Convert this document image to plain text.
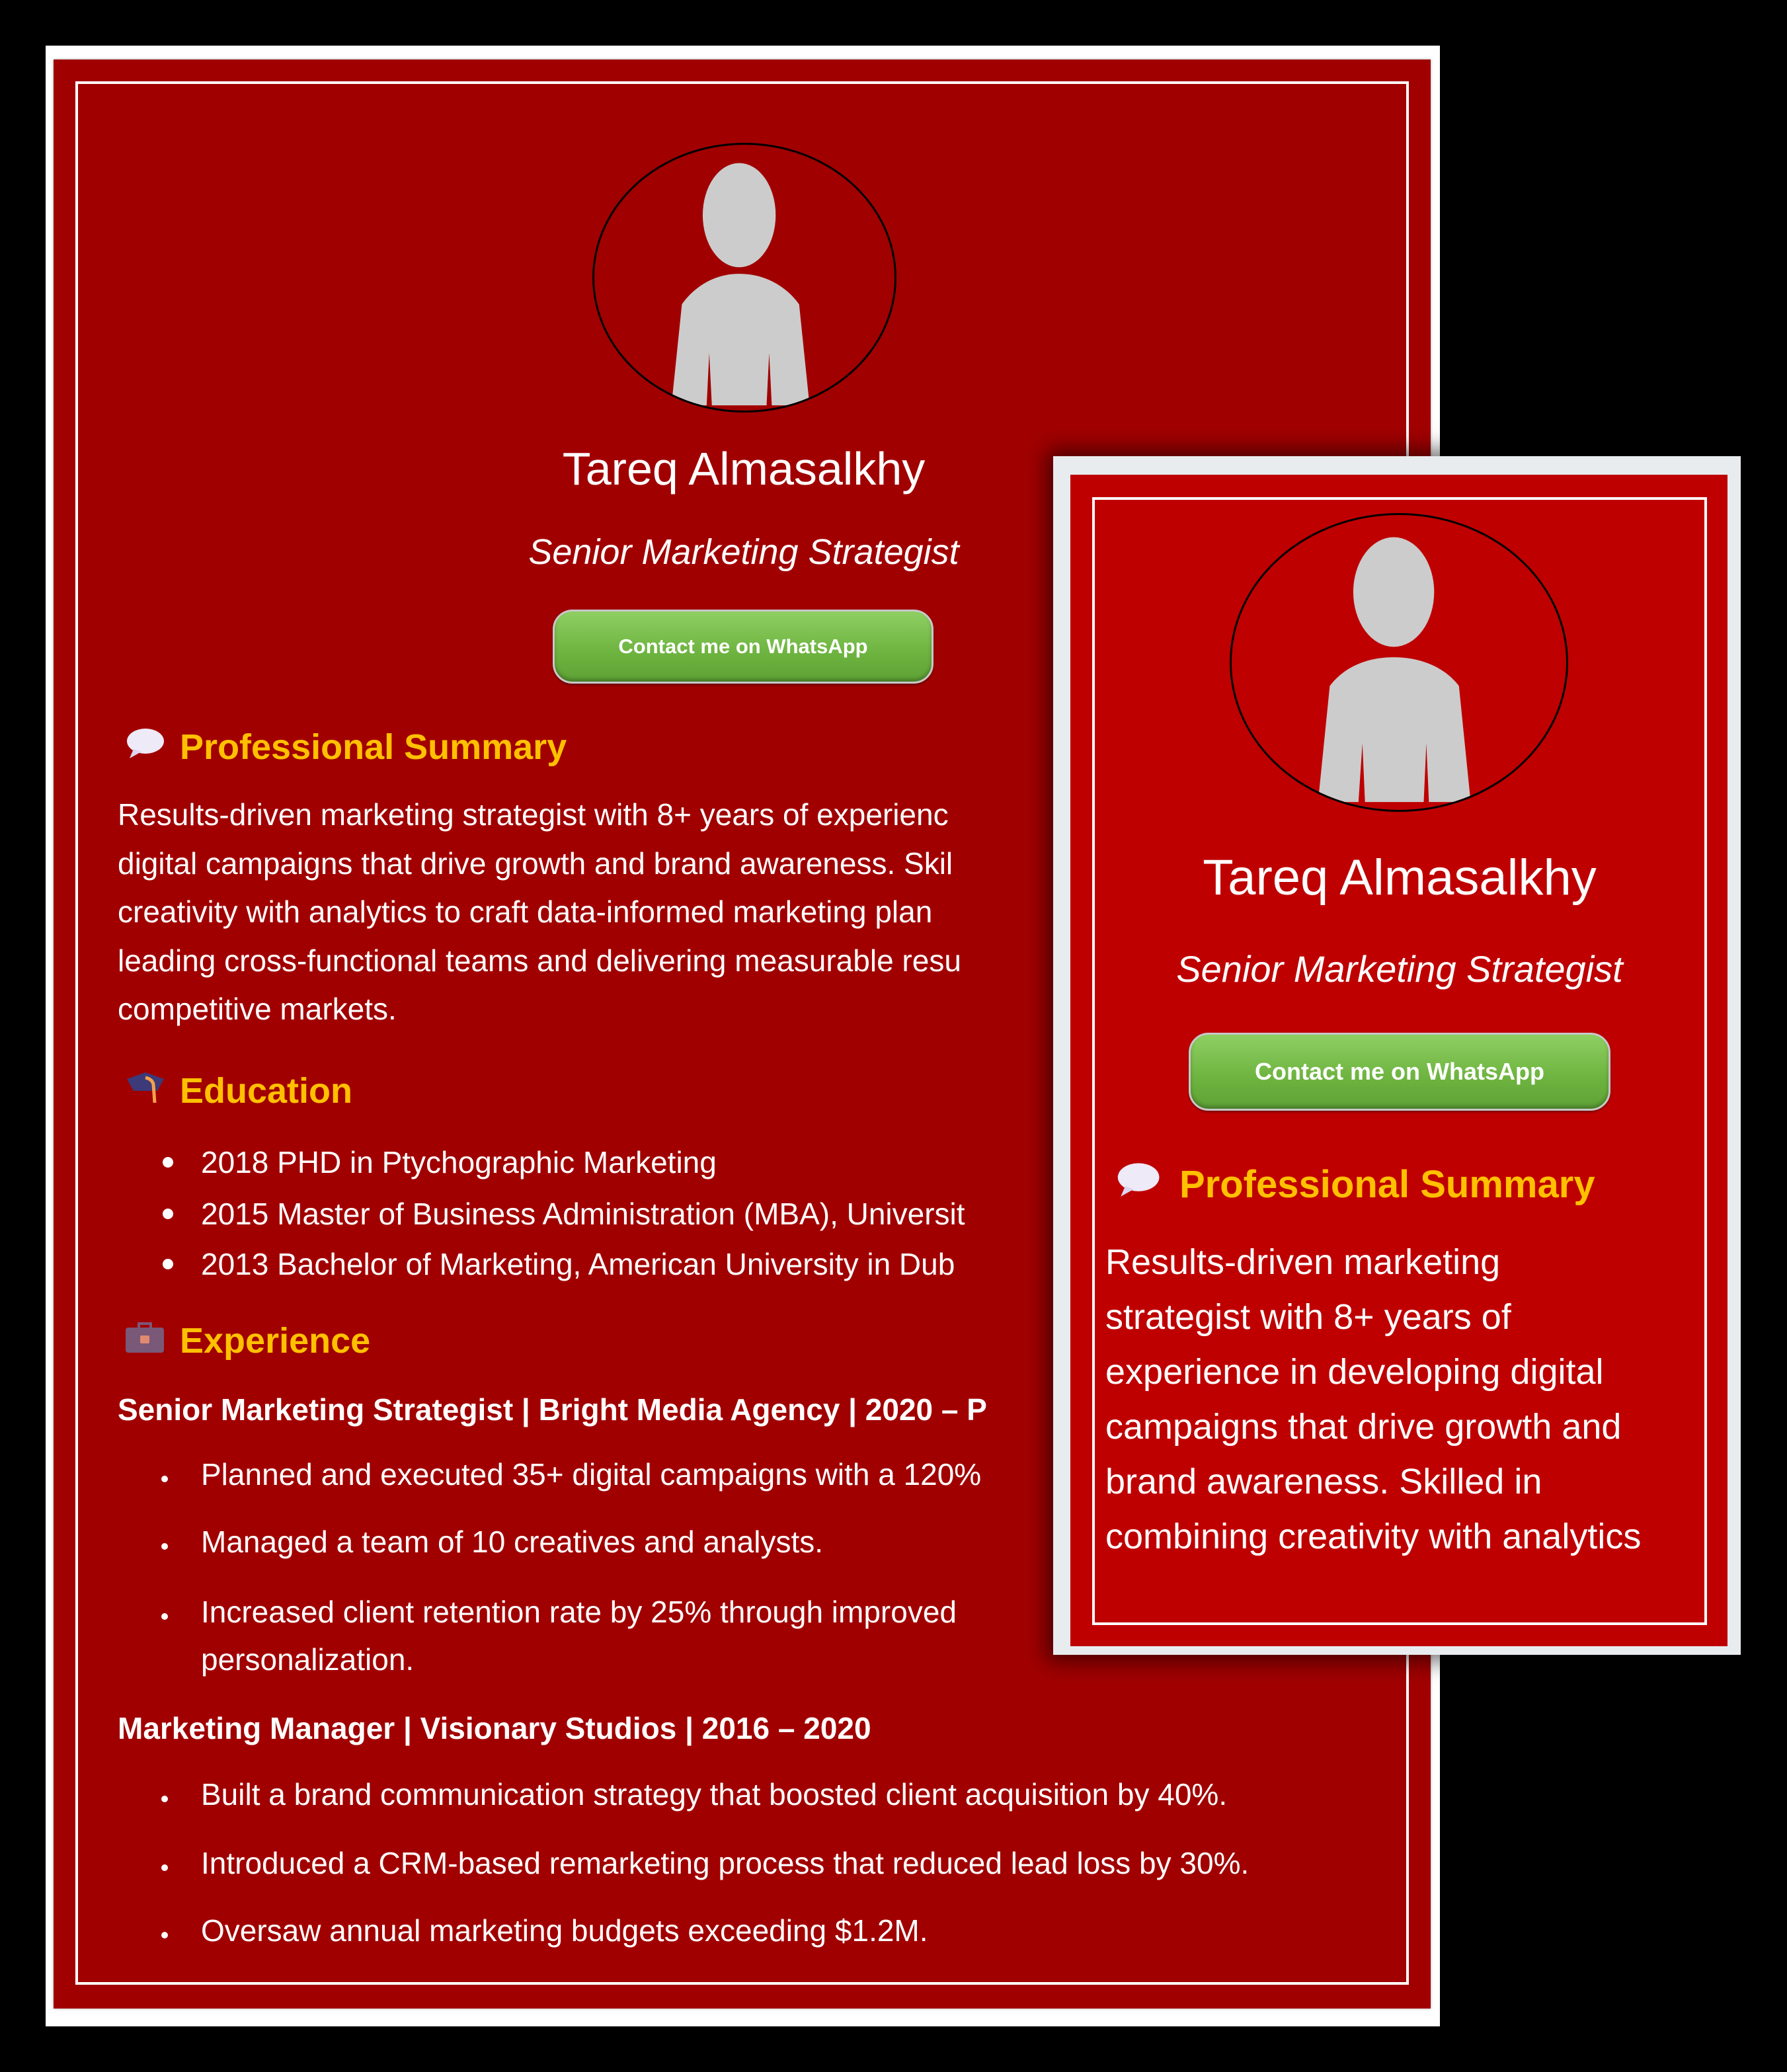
Tareq Almasalkhy
Senior Marketing Strategist
Contact me on WhatsApp
Professional Summary
Results-driven marketing strategist with 8+ years of experienc
digital campaigns that drive growth and brand awareness. Skil
creativity with analytics to craft data-informed marketing plan
leading cross-functional teams and delivering measurable resu
competitive markets.
Education
2018 PHD in Ptychographic Marketing
2015 Master of Business Administration (MBA), Universit
2013 Bachelor of Marketing, American University in Dub
Experience
Senior Marketing Strategist | Bright Media Agency | 2020 – P
Planned and executed 35+ digital campaigns with a 120%
Managed a team of 10 creatives and analysts.
Increased client retention rate by 25% through improved
personalization.
Marketing Manager | Visionary Studios | 2016 – 2020
Built a brand communication strategy that boosted client acquisition by 40%.
Introduced a CRM-based remarketing process that reduced lead loss by 30%.
Oversaw annual marketing budgets exceeding $1.2M.
Tareq Almasalkhy
Senior Marketing Strategist
Contact me on WhatsApp
Professional Summary
Results-driven marketing
strategist with 8+ years of
experience in developing digital
campaigns that drive growth and
brand awareness. Skilled in
combining creativity with analytics
